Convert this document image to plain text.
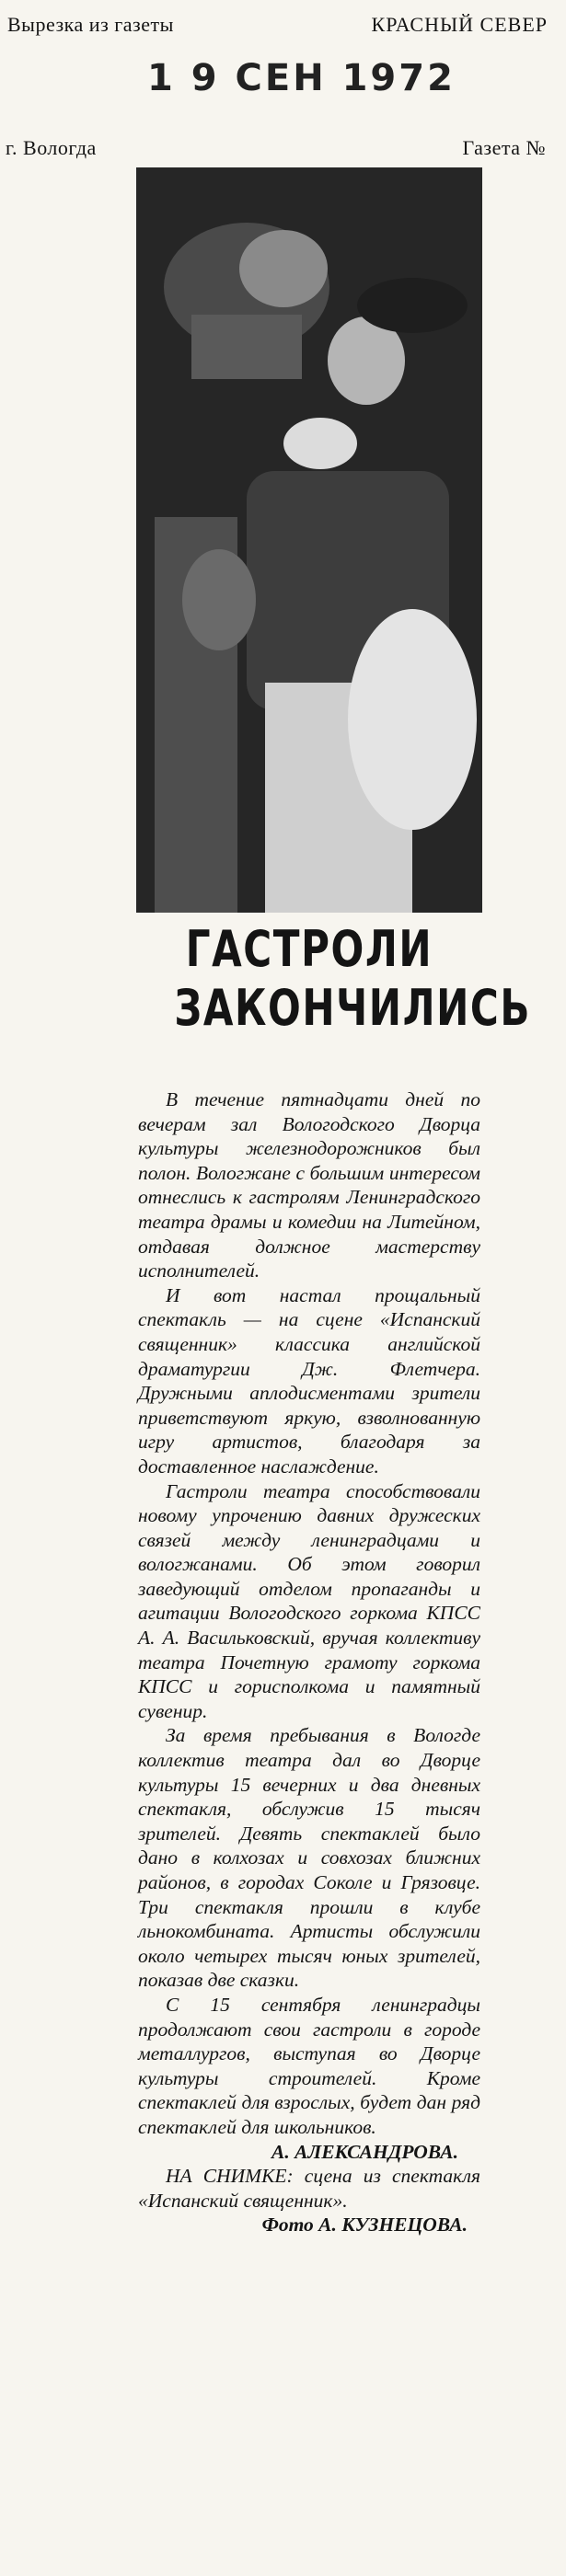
Вырезка из газеты	КРАСНЫЙ СЕВЕР
1 9 СЕН 1972
г. Вологда	Газета №
ГАСТРОЛИ
ЗАКОНЧИЛИСЬ

В течение пятнадцати дней по вечерам зал Вологодского Дворца культуры железнодорожников был полон. Вологжане с большим интересом отнеслись к гастролям Ленинградского театра драмы и комедии на Литейном, отдавая должное мастерству исполнителей.

И вот настал прощальный спектакль — на сцене «Испанский священник» классика английской драматургии Дж. Флетчера. Дружными аплодисментами зрители приветствуют яркую, взволнованную игру артистов, благодаря за доставленное наслаждение.

Гастроли театра способствовали новому упрочению давних дружеских связей между ленинградцами и вологжанами. Об этом говорил заведующий отделом пропаганды и агитации Вологодского горкома КПСС А. А. Васильковский, вручая коллективу театра Почетную грамоту горкома КПСС и горисполкома и памятный сувенир.

За время пребывания в Вологде коллектив театра дал во Дворце культуры 15 вечерних и два дневных спектакля, обслужив 15 тысяч зрителей. Девять спектаклей было дано в колхозах и совхозах ближних районов, в городах Соколе и Грязовце. Три спектакля прошли в клубе льнокомбината. Артисты обслужили около четырех тысяч юных зрителей, показав две сказки.

С 15 сентября ленинградцы продолжают свои гастроли в городе металлургов, выступая во Дворце культуры строителей. Кроме спектаклей для взрослых, будет дан ряд спектаклей для школьников.

А. АЛЕКСАНДРОВА.

НА СНИМКЕ: сцена из спектакля «Испанский священник».

Фото А. КУЗНЕЦОВА.
